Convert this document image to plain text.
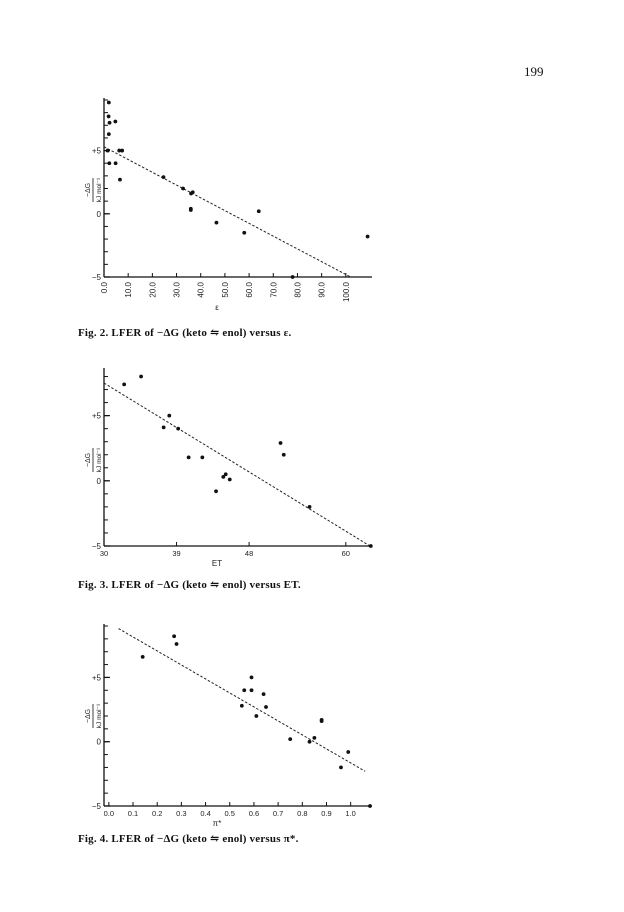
199
−5
0
+5
0.0 10.0 20.0 30.0 40.0 50.0 60.0 70.0 80.0 90.0 100.0
ε
−ΔG kJ mol⁻¹
−5
0
+5
30	39	48	60
ET
−ΔG kJ mol⁻¹
−5
0
+5
0.0 0.1 0.2 0.3 0.4 0.5 0.6 0.7 0.8 0.9 1.0
π*
−ΔG kJ mol⁻¹
Fig. 2. LFER of −ΔG (keto ⇋ enol) versus ε.
Fig. 3. LFER of −ΔG (keto ⇋ enol) versus ET.
Fig. 4. LFER of −ΔG (keto ⇋ enol) versus π*.
